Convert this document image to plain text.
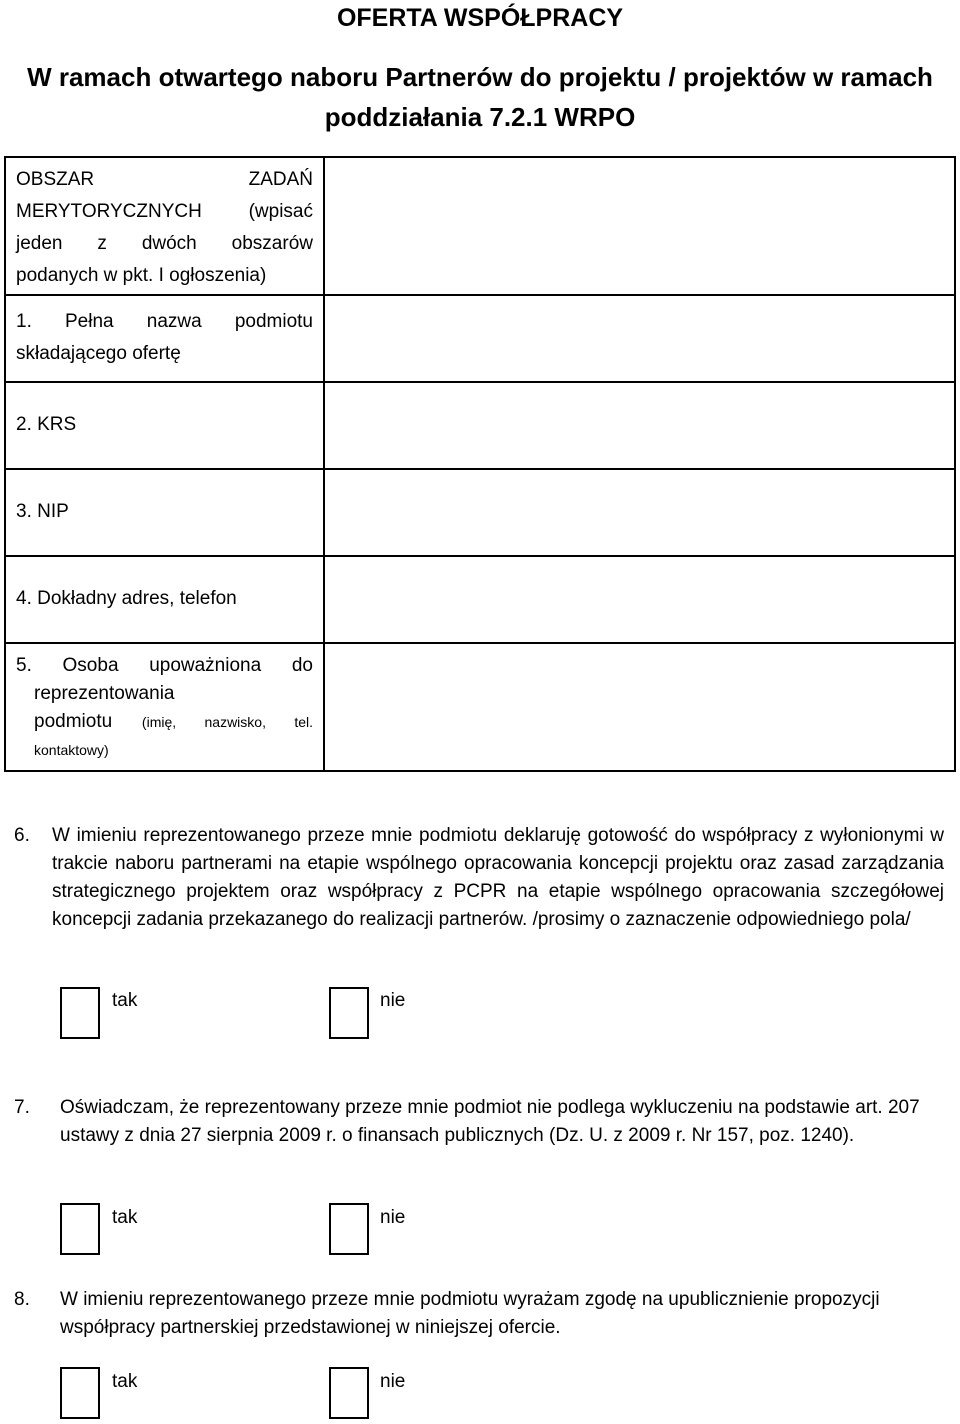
OFERTA WSPÓŁPRACY
W ramach otwartego naboru Partnerów do projektu / projektów w ramach
poddziałania 7.2.1 WRPO
OBSZAR ZADAŃ
MERYTORYCZNYCH (wpisać
jeden z dwóch obszarów
podanych w pkt. I ogłoszenia)	

1. Pełna nazwa podmiotu
składającego ofertę	

2. KRS	
3. NIP	
4. Dokładny adres, telefon	

5. Osoba upoważniona do
reprezentowania
podmiotu (imię, nazwisko, tel.
kontaktowy)	

6. W imieniu reprezentowanego przeze mnie podmiotu deklaruję gotowość do współpracy z wyłonionymi w trakcie naboru partnerami na etapie wspólnego opracowania koncepcji projektu oraz zasad zarządzania strategicznego projektem oraz współpracy z PCPR na etapie wspólnego opracowania szczegółowej koncepcji zadania przekazanego do realizacji partnerów. /prosimy o zaznaczenie odpowiedniego pola/
tak	nie
7. Oświadczam, że reprezentowany przeze mnie podmiot nie podlega wykluczeniu na podstawie art. 207 ustawy z dnia 27 sierpnia 2009 r. o finansach publicznych (Dz. U. z 2009 r. Nr 157, poz. 1240).
tak	nie
8. W imieniu reprezentowanego przeze mnie podmiotu wyrażam zgodę na upublicznienie propozycji współpracy partnerskiej przedstawionej w niniejszej ofercie.
tak	nie
